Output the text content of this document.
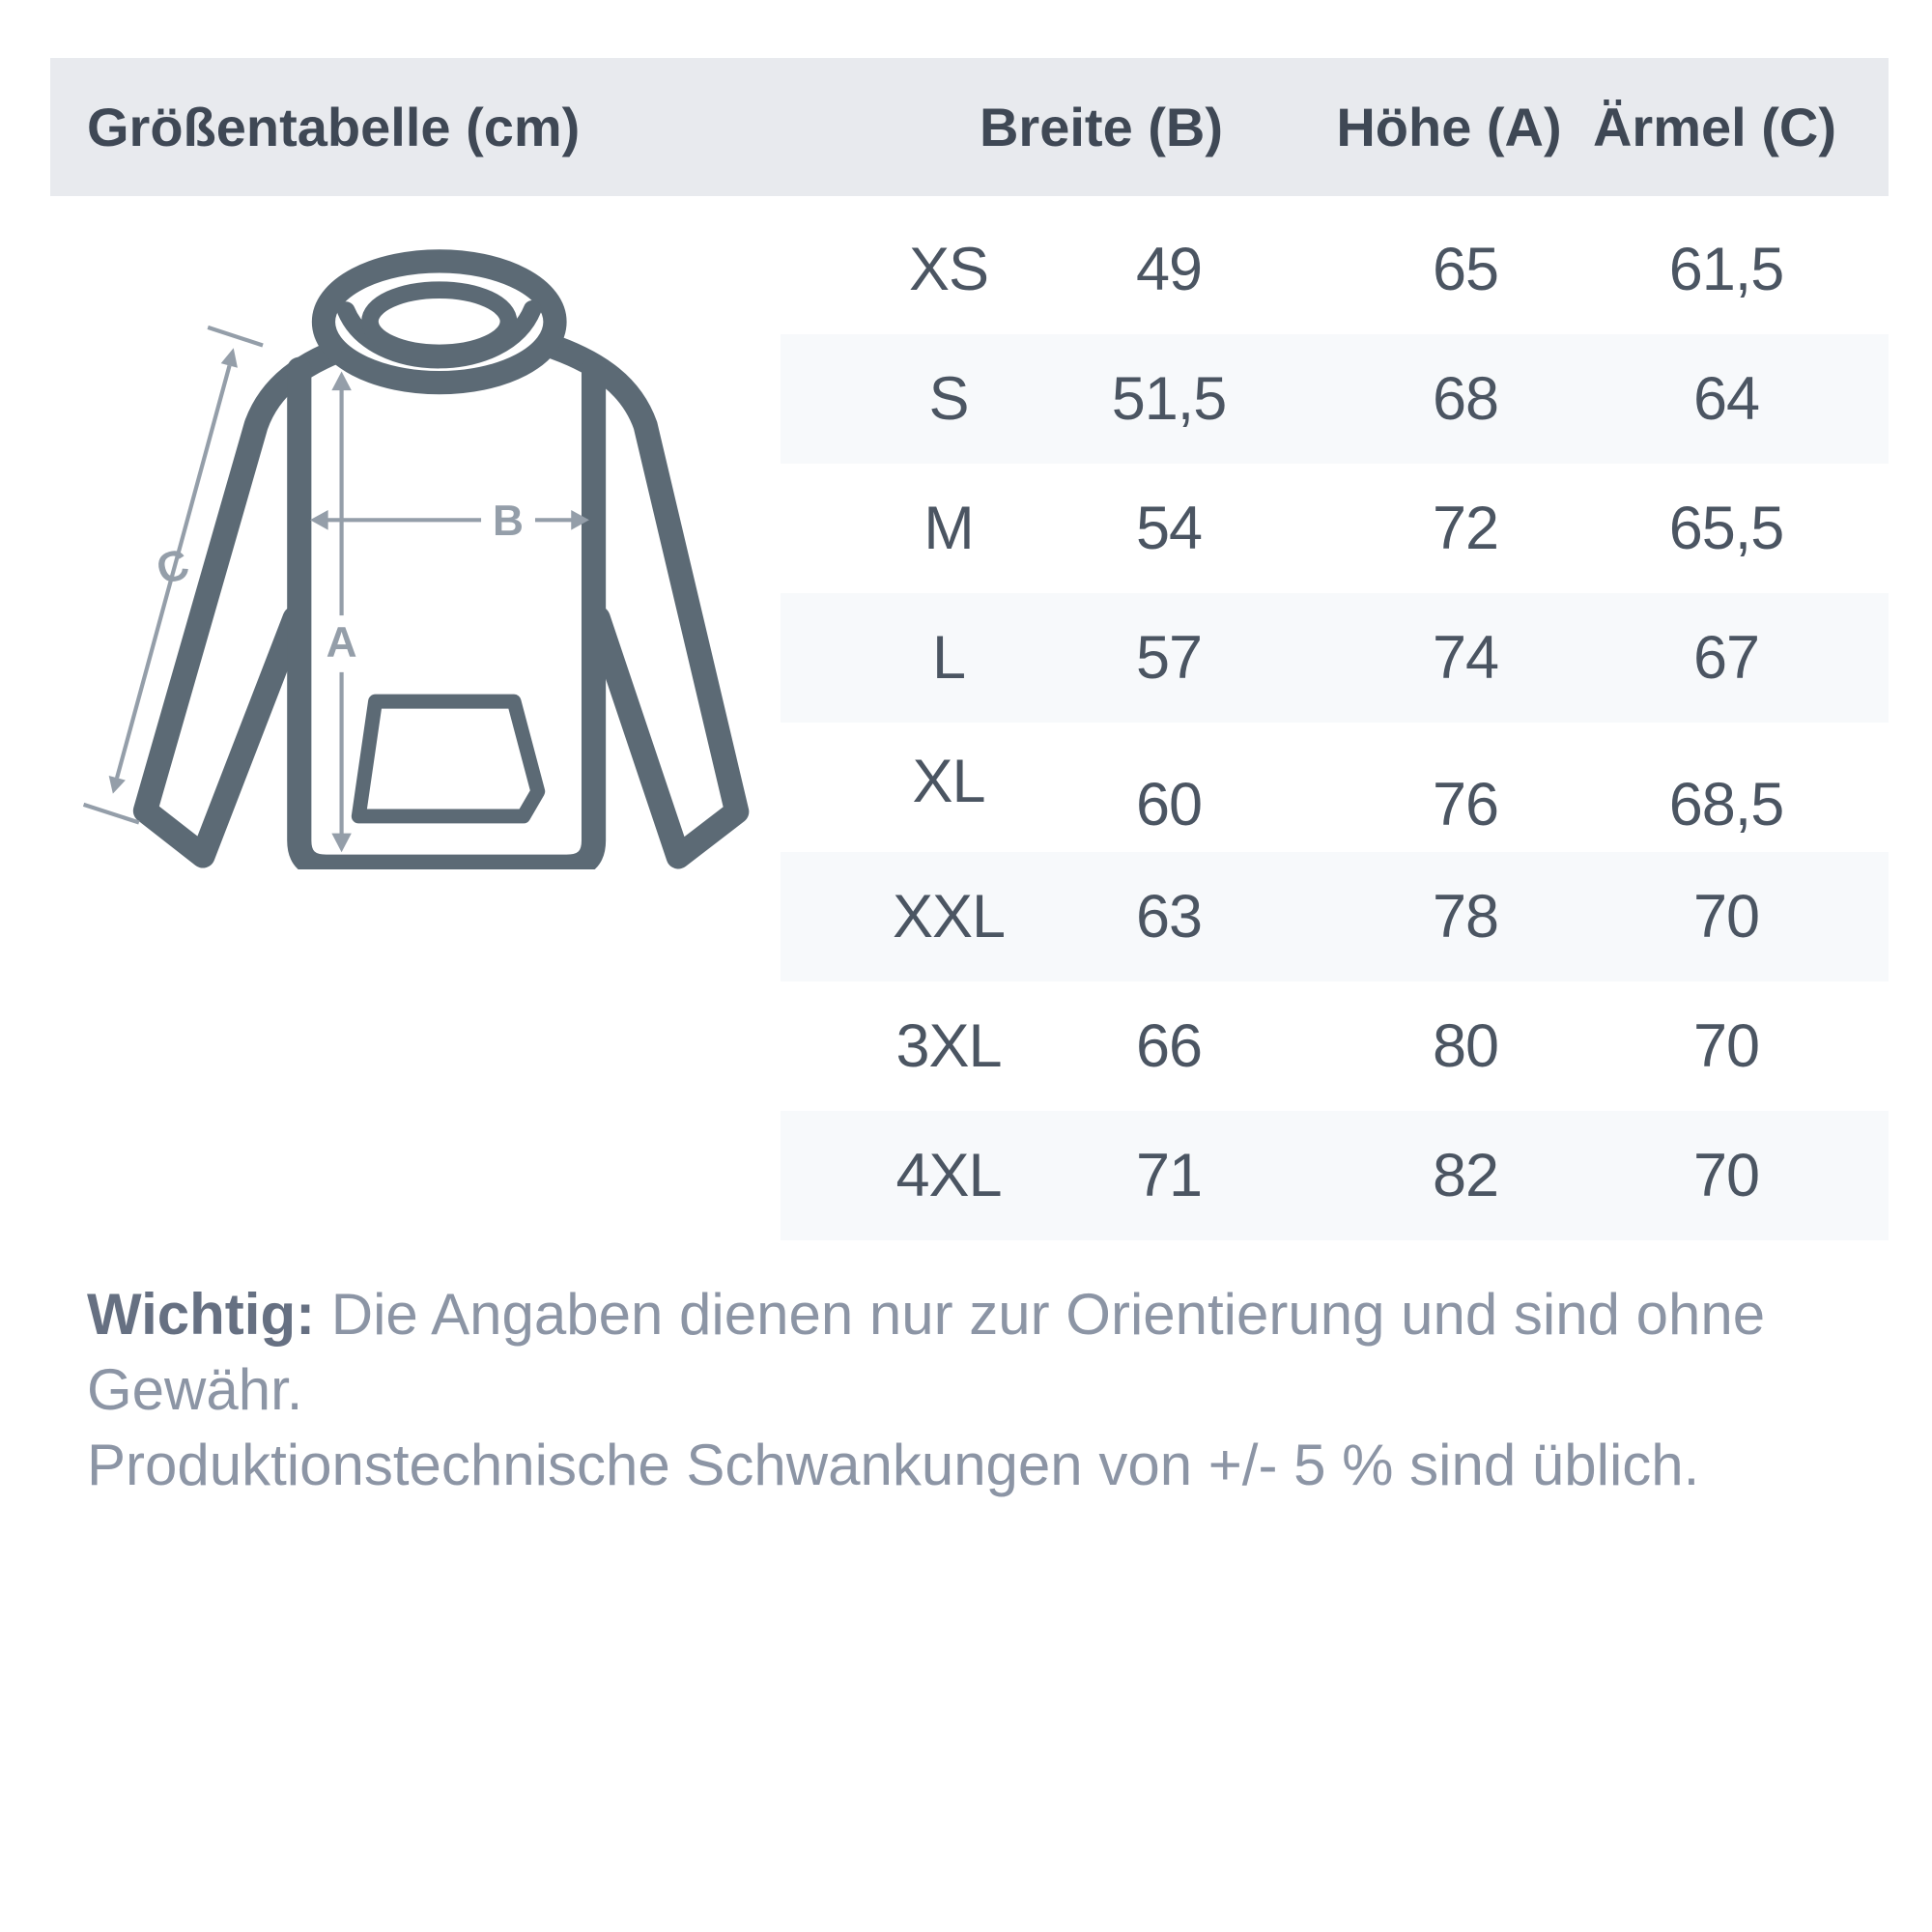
Größentabelle (cm)	Breite (B) Höhe (A) Ärmel (C)
A
B
C
XS 49	65	61,5
S 51,5	68	64
M	54	72	65,5
L	57	74	67
XL 60	76	68,5
XXL 63	78	70
3XL 66	80	70
4XL 71	82	70

Wichtig: Die Angaben dienen nur zur Orientierung und sind ohne Gewähr.

Produktionstechnische Schwankungen von +/- 5 % sind üblich.
